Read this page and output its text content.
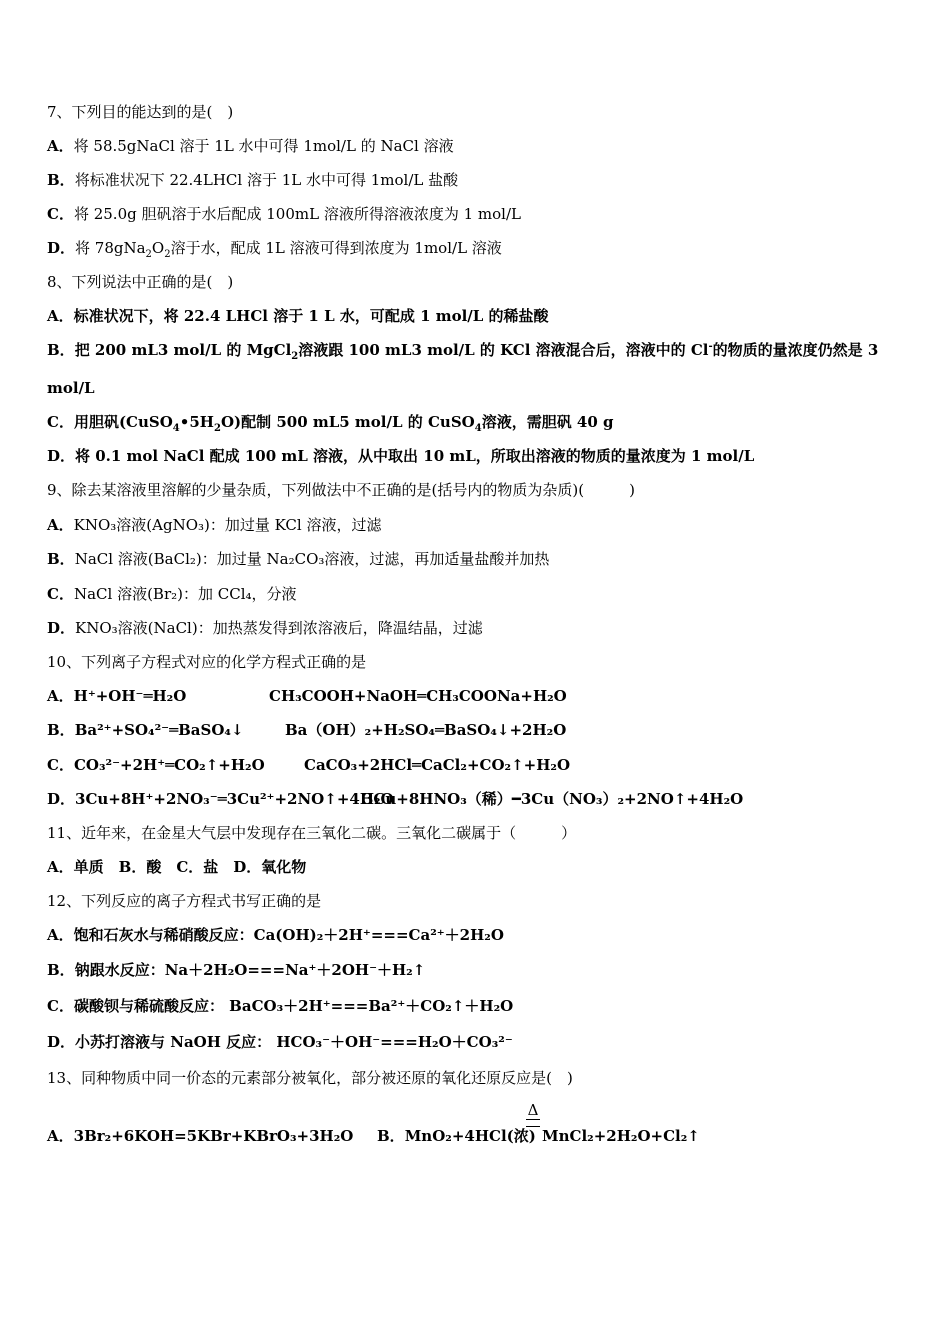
7、下列目的能达到的是(　)
A．将 58.5gNaCl 溶于 1L 水中可得 1mol/L 的 NaCl 溶液
B．将标准状况下 22.4LHCl 溶于 1L 水中可得 1mol/L 盐酸
C．将 25.0g 胆矾溶于水后配成 100mL 溶液所得溶液浓度为 1 mol/L
D．将 $78gNa_2O_2$溶于水，配成 1L 溶液可得到浓度为 1mol/L 溶液
8、下列说法中正确的是(　)
A．标准状况下，将 22.4 LHCl 溶于 1 L 水，可配成 1 mol/L 的稀盐酸
B．把 200 mL3 mol/L 的 MgCl$_2$溶液跟 100 mL3 mol/L 的 KCl 溶液混合后，溶液中的 Cl-的物质的量浓度仍然是 3
mol/L
C．用胆矾$(CuSO_4•5H_2O)$配制 500 mL5 mol/L 的 CuSO$_4$溶液，需胆矾 40 g
D．将 0.1 mol NaCl 配成 100 mL 溶液，从中取出 10 mL，所取出溶液的物质的量浓度为 1 mol/L
9、除去某溶液里溶解的少量杂质，下列做法中不正确的是(括号内的物质为杂质)(　　　)
A．KNO₃溶液(AgNO₃)：加过量 KCl 溶液，过滤
B．NaCl 溶液(BaCl₂)：加过量 Na₂CO₃溶液，过滤，再加适量盐酸并加热
C．NaCl 溶液(Br₂)：加 CCl₄，分液
D．KNO₃溶液(NaCl)：加热蒸发得到浓溶液后，降温结晶，过滤
10、下列离子方程式对应的化学方程式正确的是
A．H⁺+OH⁻═H₂O	CH₃COOH+NaOH═CH₃COONa+H₂O
B．Ba²⁺+SO₄²⁻═BaSO₄↓	Ba（OH）₂+H₂SO₄═BaSO₄↓+2H₂O
C．CO₃²⁻+2H⁺═CO₂↑+H₂O	CaCO₃+2HCl═CaCl₂+CO₂↑+H₂O
D．3Cu+8H⁺+2NO₃⁻═3Cu²⁺+2NO↑+4H₂O
3Cu+8HNO₃（稀）━3Cu（NO₃）₂+2NO↑+4H₂O
11、近年来，在金星大气层中发现存在三氧化二碳。三氧化二碳属于（　　　）
A．单质　B．酸　C．盐　D．氧化物
12、下列反应的离子方程式书写正确的是
A．饱和石灰水与稀硝酸反应：Ca(OH)₂＋2H⁺===Ca²⁺＋2H₂O
B．钠跟水反应：Na＋2H₂O===Na⁺＋2OH⁻＋H₂↑
C．碳酸钡与稀硫酸反应： BaCO₃＋2H⁺===Ba²⁺＋CO₂↑＋H₂O
D．小苏打溶液与 NaOH 反应： HCO₃⁻＋OH⁻===H₂O＋CO₃²⁻
13、同种物质中同一价态的元素部分被氧化，部分被还原的氧化还原反应是(　)
Δ
A．3Br₂+6KOH=5KBr+KBrO₃+3H₂O B．MnO₂+4HCl(浓) MnCl₂+2H₂O+Cl₂↑
